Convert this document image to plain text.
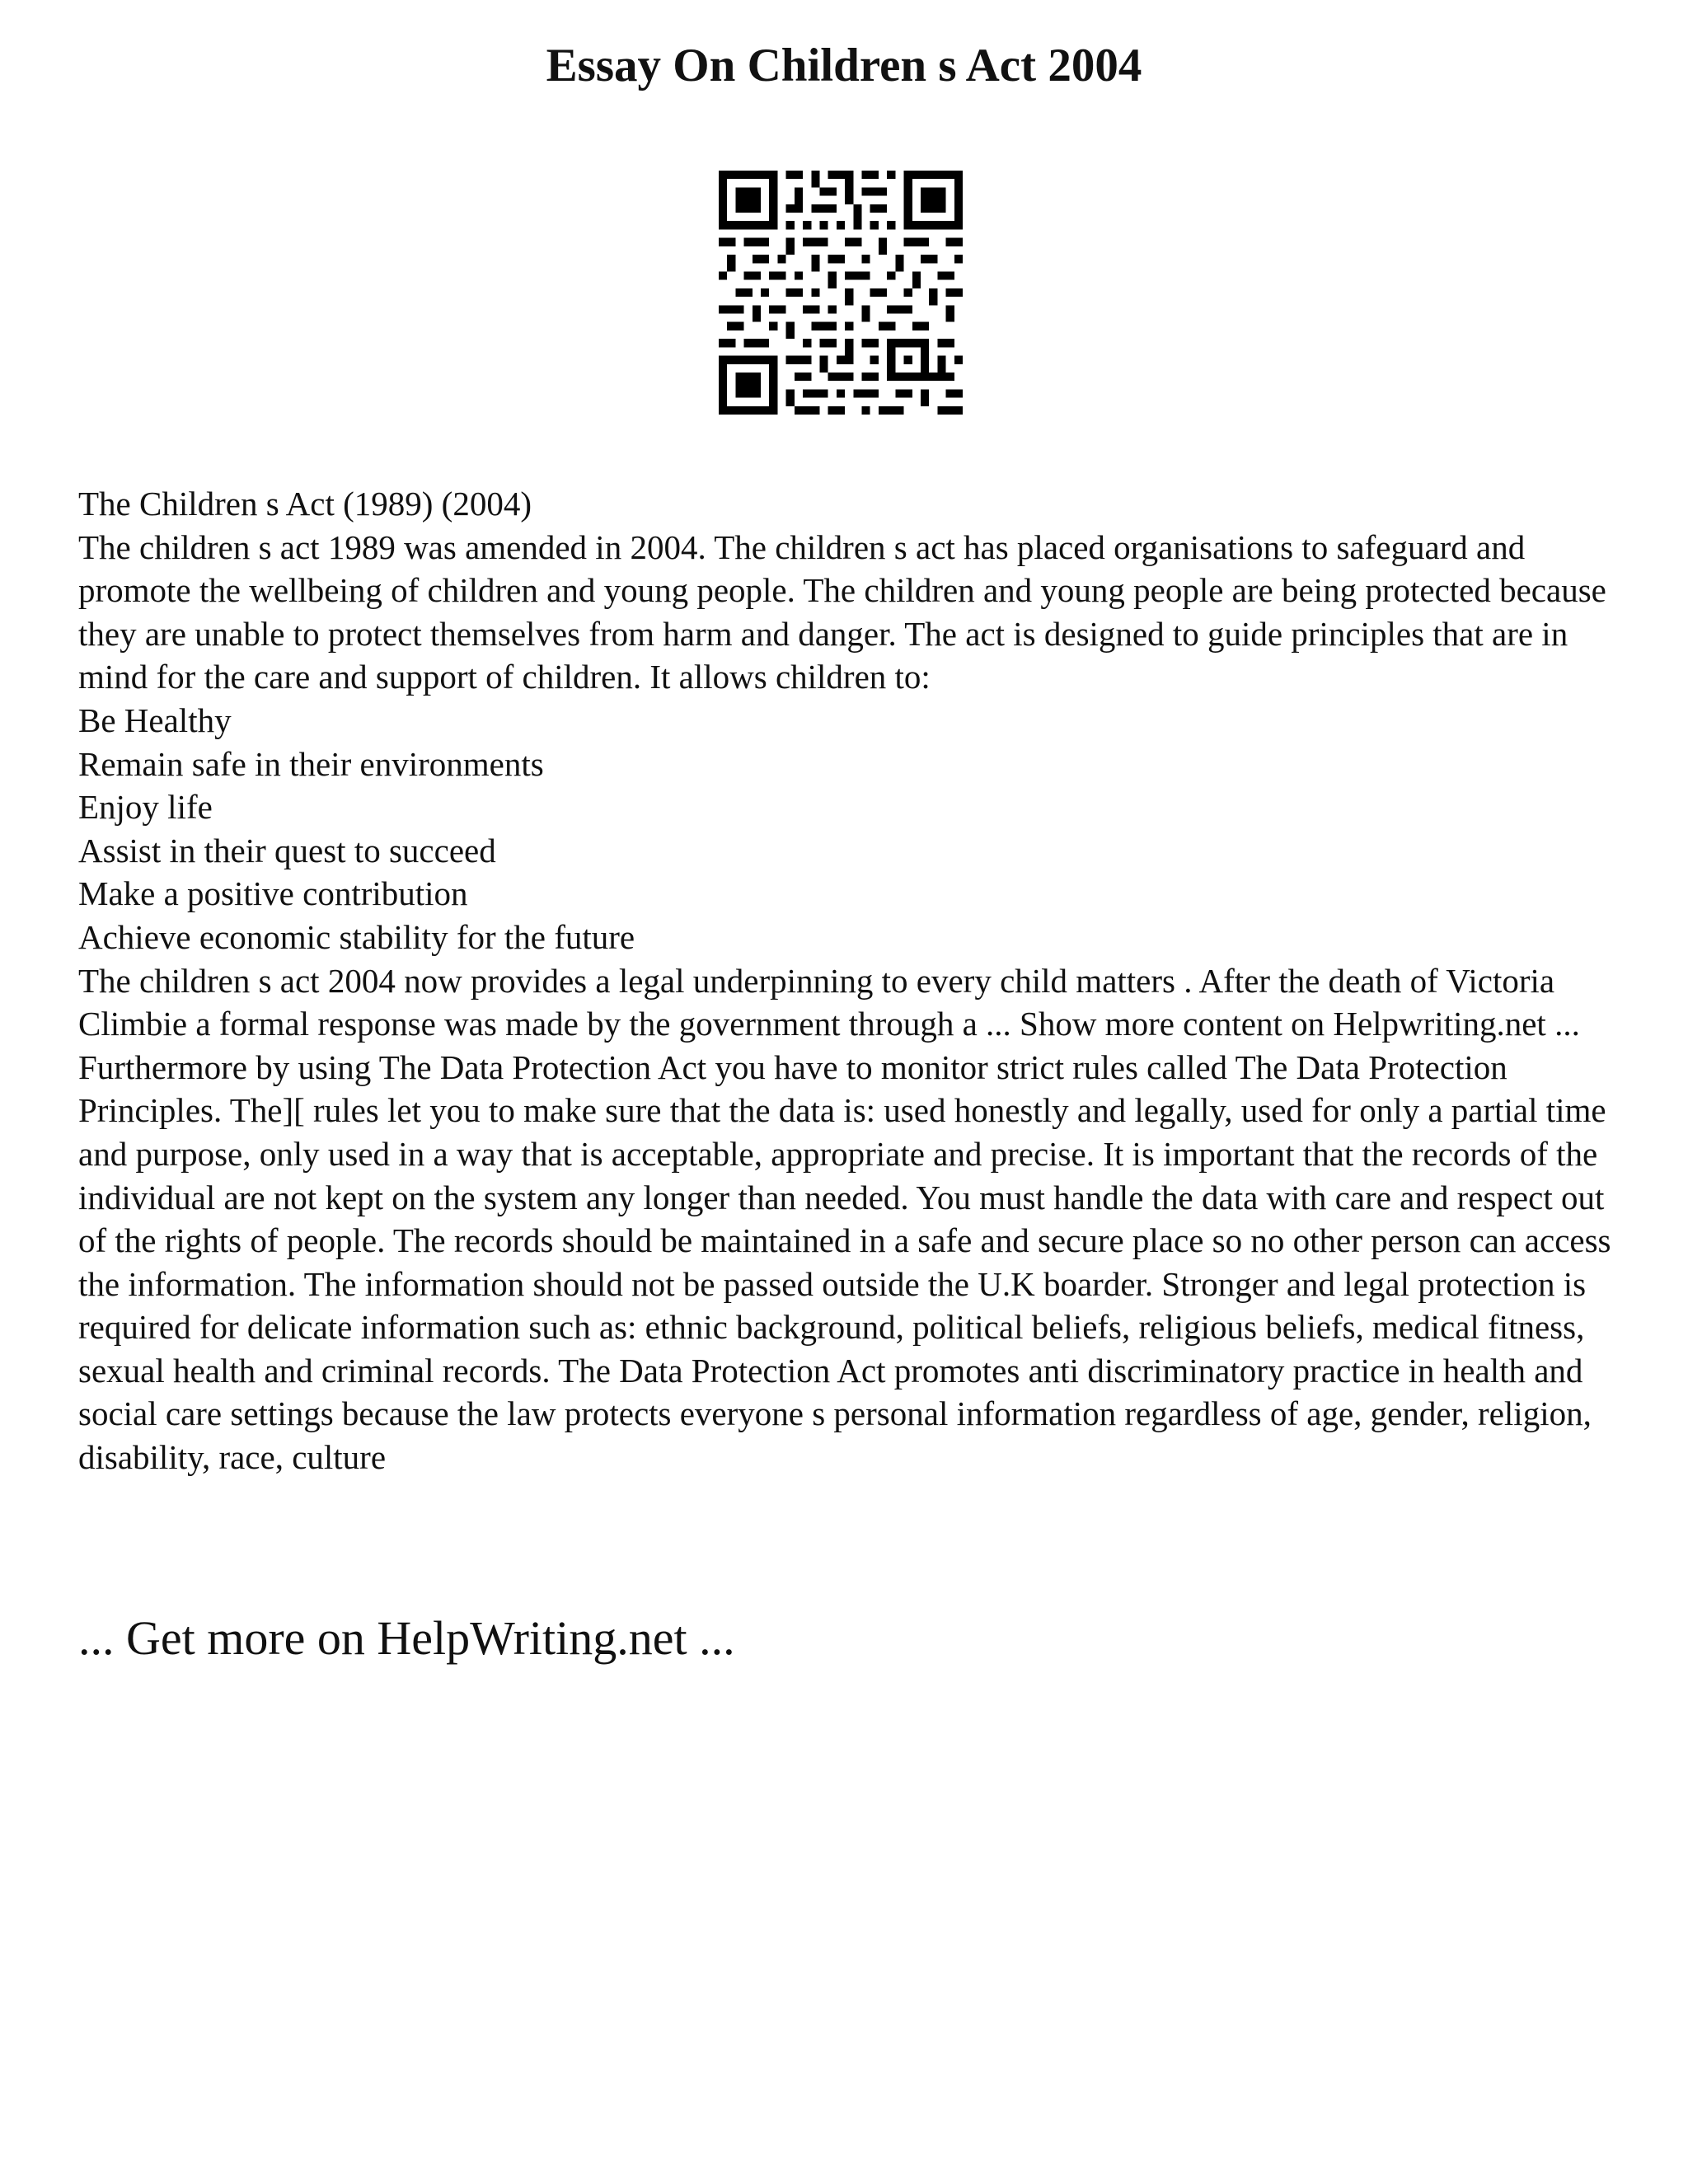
Essay On Children s Act 2004

The Children s Act (1989) (2004)

The children s act 1989 was amended in 2004. The children s act has placed organisations to safeguard and promote the wellbeing of children and young people. The children and young people are being protected because they are unable to protect themselves from harm and danger. The act is designed to guide principles that are in mind for the care and support of children. It allows children to:

Be Healthy

Remain safe in their environments

Enjoy life

Assist in their quest to succeed

Make a positive contribution

Achieve economic stability for the future

The children s act 2004 now provides a legal underpinning to every child matters . After the death of Victoria Climbie a formal response was made by the government through a ... Show more content on Helpwriting.net ...

Furthermore by using The Data Protection Act you have to monitor strict rules called The Data Protection Principles. The][ rules let you to make sure that the data is: used honestly and legally, used for only a partial time and purpose, only used in a way that is acceptable, appropriate and precise. It is important that the records of the individual are not kept on the system any longer than needed. You must handle the data with care and respect out of the rights of people. The records should be maintained in a safe and secure place so no other person can access the information. The information should not be passed outside the U.K boarder. Stronger and legal protection is required for delicate information such as: ethnic background, political beliefs, religious beliefs, medical fitness, sexual health and criminal records. The Data Protection Act promotes anti discriminatory practice in health and social care settings because the law protects everyone s personal information regardless of age, gender, religion, disability, race, culture

... Get more on HelpWriting.net ...
